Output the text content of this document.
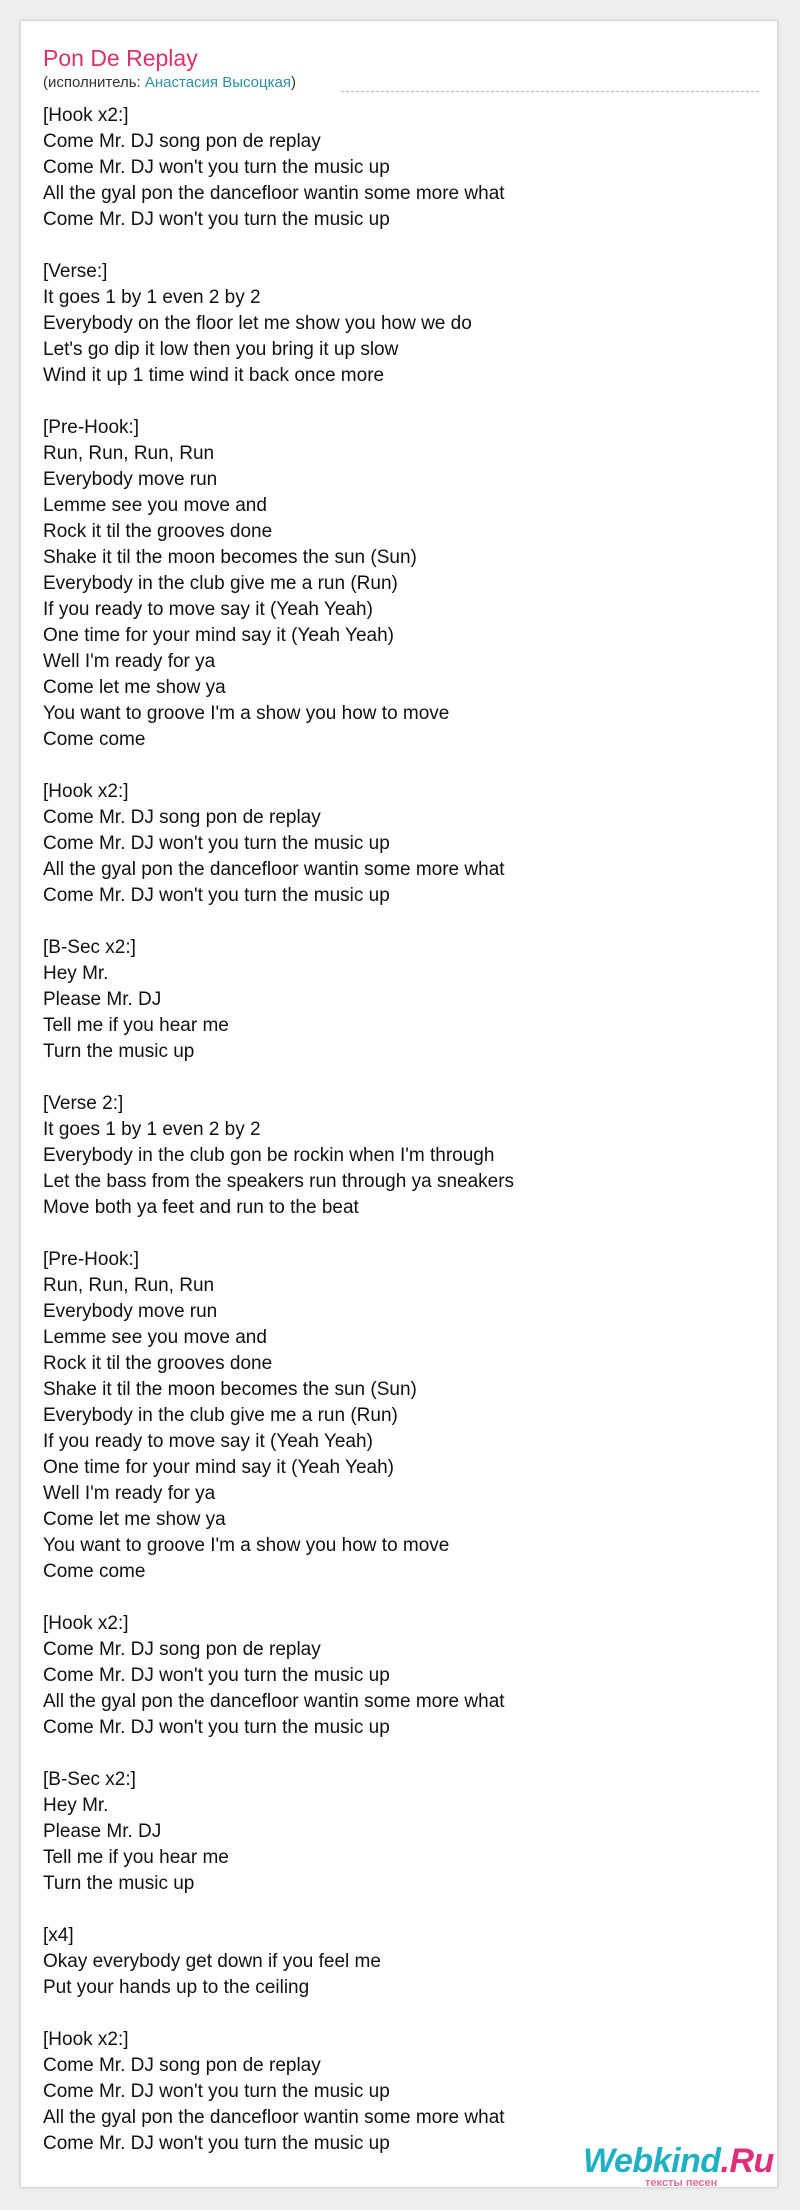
Pon De Replay
(исполнитель: Анастасия Высоцкая)
[Hook x2:]
Come Mr. DJ song pon de replay
Come Mr. DJ won't you turn the music up
All the gyal pon the dancefloor wantin some more what
Come Mr. DJ won't you turn the music up
[Verse:]
It goes 1 by 1 even 2 by 2
Everybody on the floor let me show you how we do
Let's go dip it low then you bring it up slow
Wind it up 1 time wind it back once more
[Pre-Hook:]
Run, Run, Run, Run
Everybody move run
Lemme see you move and
Rock it til the grooves done
Shake it til the moon becomes the sun (Sun)
Everybody in the club give me a run (Run)
If you ready to move say it (Yeah Yeah)
One time for your mind say it (Yeah Yeah)
Well I'm ready for ya
Come let me show ya
You want to groove I'm a show you how to move
Come come
[Hook x2:]
Come Mr. DJ song pon de replay
Come Mr. DJ won't you turn the music up
All the gyal pon the dancefloor wantin some more what
Come Mr. DJ won't you turn the music up
[B-Sec x2:]
Hey Mr.
Please Mr. DJ
Tell me if you hear me
Turn the music up
[Verse 2:]
It goes 1 by 1 even 2 by 2
Everybody in the club gon be rockin when I'm through
Let the bass from the speakers run through ya sneakers
Move both ya feet and run to the beat
[Pre-Hook:]
Run, Run, Run, Run
Everybody move run
Lemme see you move and
Rock it til the grooves done
Shake it til the moon becomes the sun (Sun)
Everybody in the club give me a run (Run)
If you ready to move say it (Yeah Yeah)
One time for your mind say it (Yeah Yeah)
Well I'm ready for ya
Come let me show ya
You want to groove I'm a show you how to move
Come come
[Hook x2:]
Come Mr. DJ song pon de replay
Come Mr. DJ won't you turn the music up
All the gyal pon the dancefloor wantin some more what
Come Mr. DJ won't you turn the music up
[B-Sec x2:]
Hey Mr.
Please Mr. DJ
Tell me if you hear me
Turn the music up
[x4]
Okay everybody get down if you feel me
Put your hands up to the ceiling
[Hook x2:]
Come Mr. DJ song pon de replay
Come Mr. DJ won't you turn the music up
All the gyal pon the dancefloor wantin some more what
Come Mr. DJ won't you turn the music up	Webkind.Ru
тексты песен
